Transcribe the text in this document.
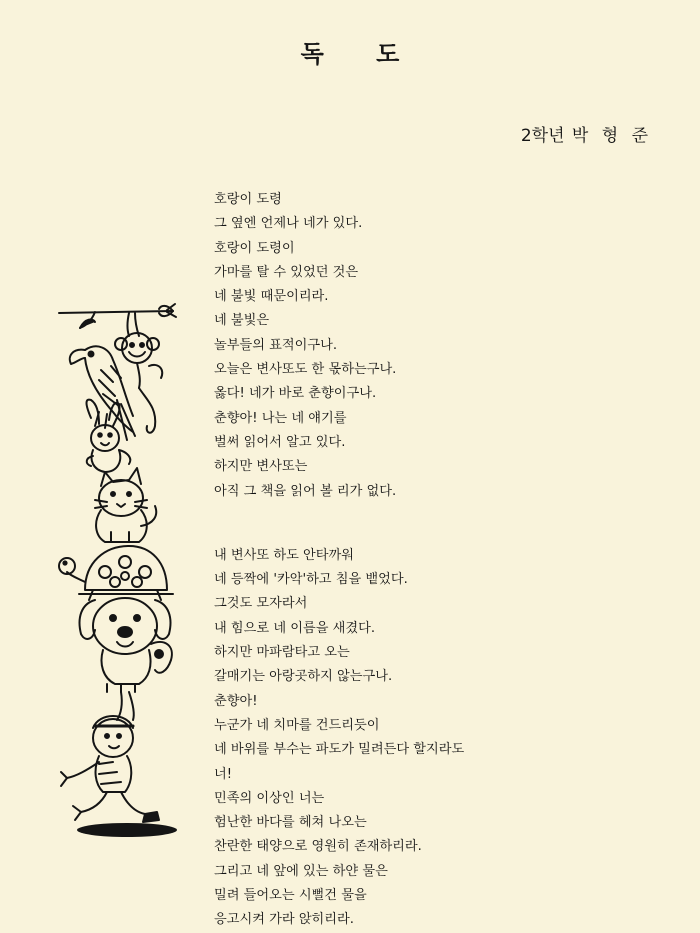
독 도
2학년 박 형 준
호랑이 도령
그 옆엔 언제나 네가 있다.
호랑이 도령이
가마를 탈 수 있었던 것은
네 불빛 때문이리라.
네 불빛은
놀부들의 표적이구나.
오늘은 변사또도 한 몫하는구나.
옳다! 네가 바로 춘향이구나.
춘향아! 나는 네 얘기를
벌써 읽어서 알고 있다.
하지만 변사또는
아직 그 책을 읽어 볼 리가 없다.
내 변사또 하도 안타까워
네 등짝에 '카악'하고 침을 뱉었다.
그것도 모자라서
내 힘으로 네 이름을 새겼다.
하지만 마파람타고 오는
갈매기는 아랑곳하지 않는구나.
춘향아!
누군가 네 치마를 건드리듯이
네 바위를 부수는 파도가 밀려든다 할지라도
너!
민족의 이상인 너는
험난한 바다를 헤쳐 나오는
찬란한 태양으로 영원히 존재하리라.
그리고 네 앞에 있는 하얀 물은
밀려 들어오는 시뻘건 물을
응고시켜 가라 앉히리라.
